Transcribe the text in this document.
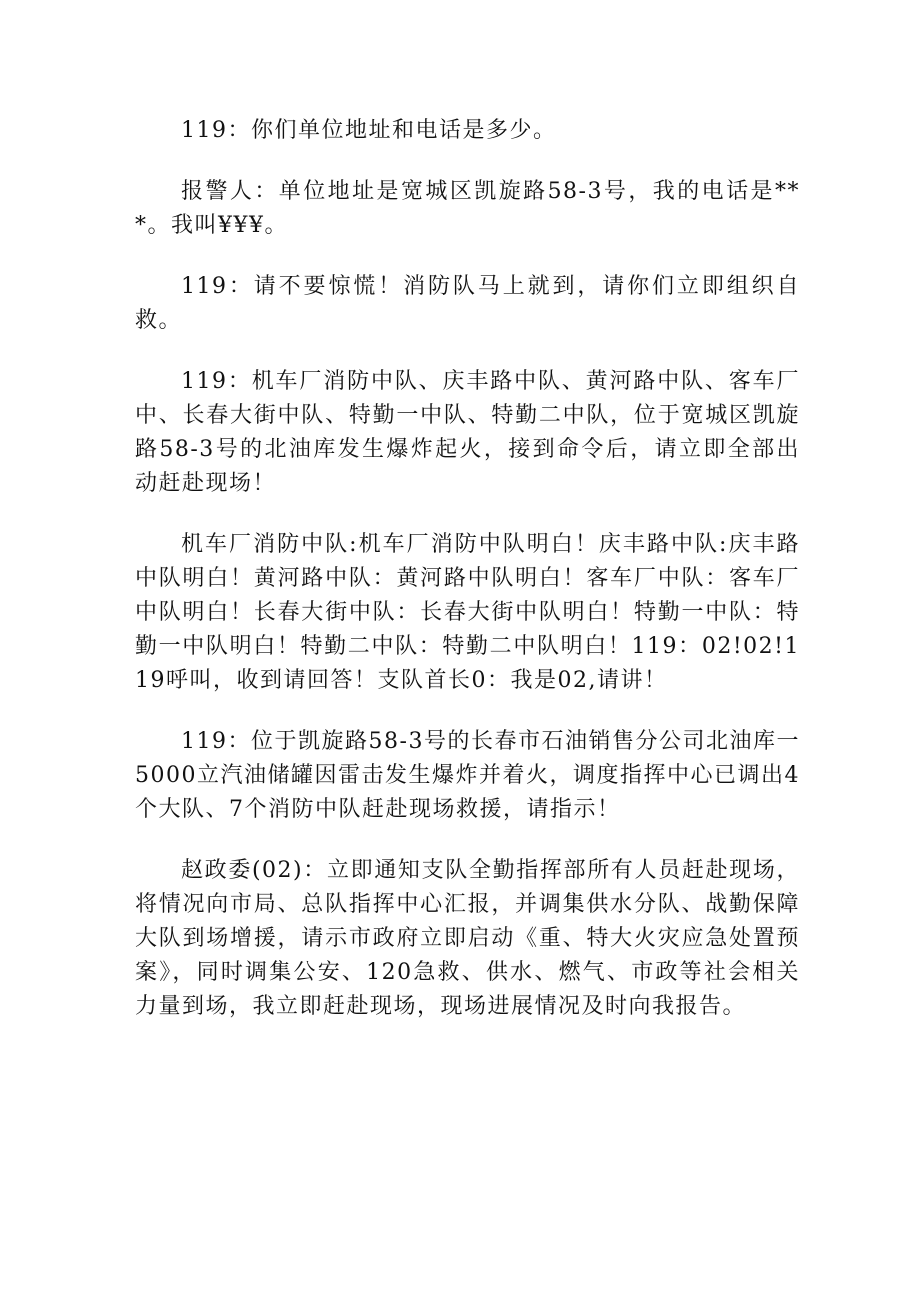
119：你们单位地址和电话是多少。

报警人：单位地址是宽城区凯旋路58-3号，我的电话是***。我叫¥¥¥。

119：请不要惊慌！消防队马上就到，请你们立即组织自救。

119：机车厂消防中队、庆丰路中队、黄河路中队、客车厂中、长春大街中队、特勤一中队、特勤二中队，位于宽城区凯旋路58-3号的北油库发生爆炸起火，接到命令后，请立即全部出动赶赴现场！

机车厂消防中队:机车厂消防中队明白！庆丰路中队:庆丰路中队明白！黄河路中队：黄河路中队明白！客车厂中队：客车厂中队明白！长春大街中队：长春大街中队明白！特勤一中队：特勤一中队明白！特勤二中队：特勤二中队明白！119：02!02!119呼叫，收到请回答！支队首长0：我是02,请讲！

119：位于凯旋路58-3号的长春市石油销售分公司北油库一5000立汽油储罐因雷击发生爆炸并着火，调度指挥中心已调出4个大队、7个消防中队赶赴现场救援，请指示！

赵政委(02)：立即通知支队全勤指挥部所有人员赶赴现场，将情况向市局、总队指挥中心汇报，并调集供水分队、战勤保障大队到场增援，请示市政府立即启动《重、特大火灾应急处置预案》，同时调集公安、120急救、供水、燃气、市政等社会相关力量到场，我立即赶赴现场，现场进展情况及时向我报告。
